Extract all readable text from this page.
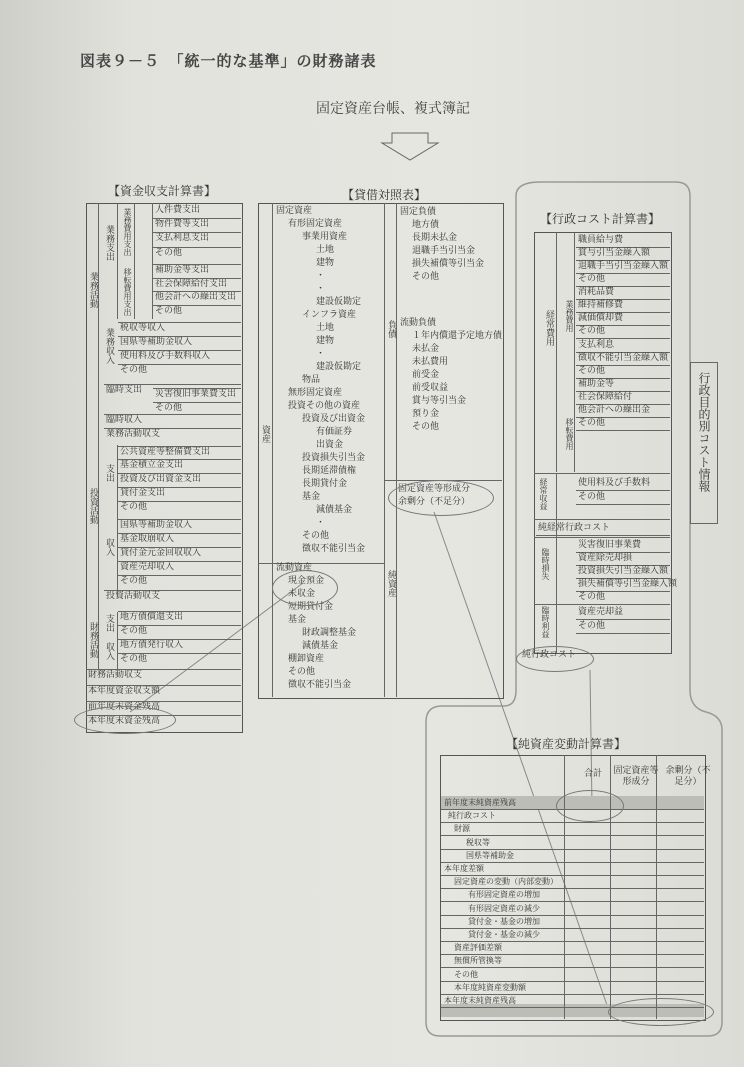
図表９－５　「統一的な基準」の財務諸表
固定資産台帳、複式簿記
【資金収支計算書】
人件費支出
物件費等支出
支払利息支出
その他
補助金等支出
社会保障給付支出
他会計への繰出支出
その他
税収等収入
国県等補助金収入
使用料及び手数料収入
その他
臨時支出 災害復旧事業費支出
その他
臨時収入
業務活動収支
公共資産等整備費支出
基金積立金支出
投資及び出資金支出
貸付金支出
その他
国県等補助金収入
基金取崩収入
貸付金元金回収収入
資産売却収入
その他
投資活動収支
地方債償還支出
その他
地方債発行収入
その他
財務活動収支
本年度資金収支額
前年度末資金残高
本年度末資金残高
業務活動
業務支出 業務費用支出
移転費用支出
業務収入
投資活動
支出
収入
財務活動 支出
収入
【貸借対照表】
資産
負債
純資産
固定資産
有形固定資産
事業用資産
土地
建物
・
・
建設仮勘定
インフラ資産
土地
建物
・
建設仮勘定
物品
無形固定資産
投資その他の資産
投資及び出資金
有価証券
出資金
投資損失引当金
長期延滞債権
長期貸付金
基金
減債基金
・
その他
徴収不能引当金
流動資産
現金預金
未収金
短期貸付金
基金
財政調整基金
減債基金
棚卸資産
その他
徴収不能引当金
固定負債
地方債
長期未払金
退職手当引当金
損失補償等引当金
その他
流動負債
１年内償還予定地方債
未払金
未払費用
前受金
前受収益
賞与等引当金
預り金
その他
固定資産等形成分
余剰分（不足分）
【行政コスト計算書】
職員給与費
賞与引当金繰入額
退職手当引当金繰入額
その他
消耗品費
維持補修費
減価償却費
その他
支払利息
徴収不能引当金繰入額
その他
補助金等
社会保障給付
他会計への繰出金
その他
使用料及び手数料
その他
純経常行政コスト
災害復旧事業費
資産除売却損
投資損失引当金繰入額
損失補償等引当金繰入額
その他
資産売却益
その他
純行政コスト
経常費用 業務費用
移転費用
経常収益
臨時損失
臨時利益
行政目的別コスト情報
【純資産変動計算書】
合計	固定資産等形成分
余剰分（不足分）
前年度末純資産残高
純行政コスト
財源
税収等
国県等補助金
本年度差額
固定資産の変動（内部変動）
有形固定資産の増加
有形固定資産の減少
貸付金・基金の増加
貸付金・基金の減少
資産評価差額
無償所管換等
その他
本年度純資産変動額
本年度末純資産残高
